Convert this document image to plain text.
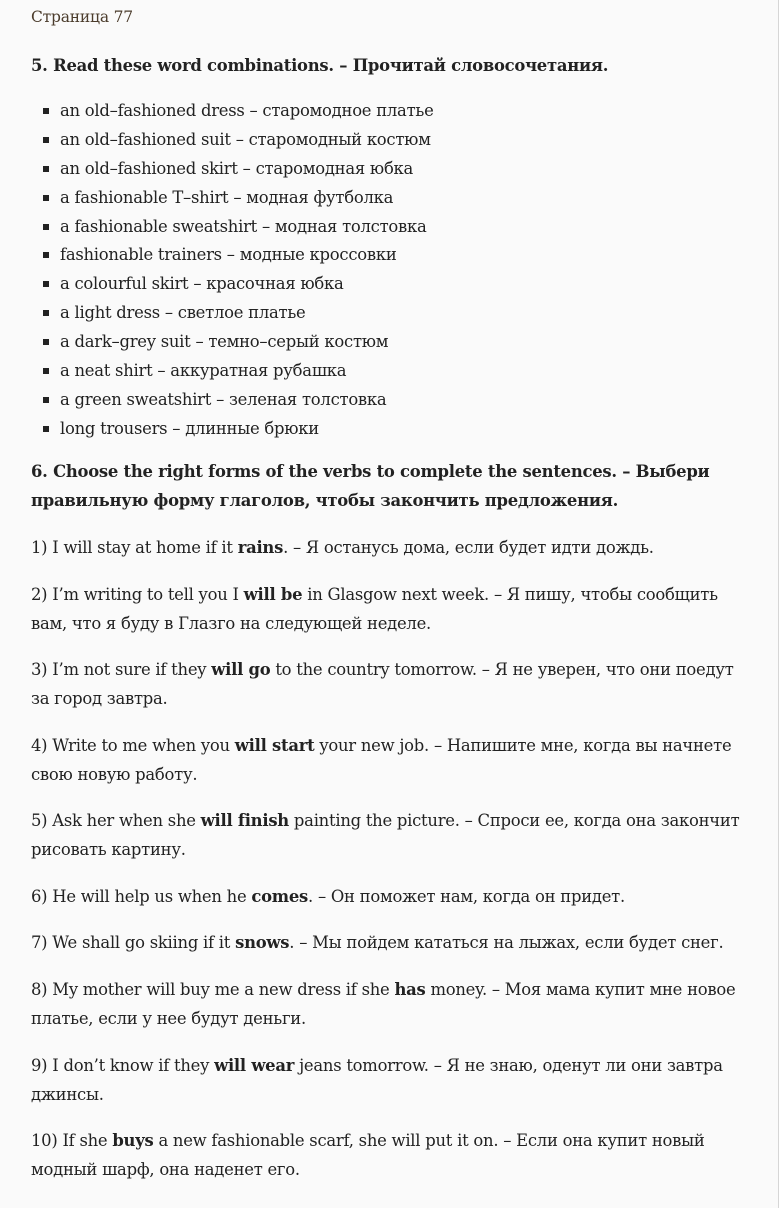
Страница 77
5. Read these word combinations. – Прочитай словосочетания.
an old–fashioned dress – старомодное платье
an old–fashioned suit – старомодный костюм
an old–fashioned skirt – старомодная юбка
a fashionable T–shirt – модная футболка
a fashionable sweatshirt – модная толстовка
fashionable trainers – модные кроссовки
a colourful skirt – красочная юбка
a light dress – светлое платье
a dark–grey suit – темно–серый костюм
a neat shirt – аккуратная рубашка
a green sweatshirt – зеленая толстовка
long trousers – длинные брюки
6. Choose the right forms of the verbs to complete the sentences. – Выбери правильную форму глаголов, чтобы закончить предложения.

1) I will stay at home if it rains. – Я останусь дома, если будет идти дождь.

2) I’m writing to tell you I will be in Glasgow next week. – Я пишу, чтобы сообщить вам, что я буду в Глазго на следующей неделе.

3) I’m not sure if they will go to the country tomorrow. – Я не уверен, что они поедут за город завтра.

4) Write to me when you will start your new job. – Напишите мне, когда вы начнете свою новую работу.

5) Ask her when she will finish painting the picture. – Спроси ее, когда она закончит рисовать картину.

6) He will help us when he comes. – Он поможет нам, когда он придет.

7) We shall go skiing if it snows. – Мы пойдем кататься на лыжах, если будет снег.

8) My mother will buy me a new dress if she has money. – Моя мама купит мне новое платье, если у нее будут деньги.

9) I don’t know if they will wear jeans tomorrow. – Я не знаю, оденут ли они завтра джинсы.

10) If she buys a new fashionable scarf, she will put it on. – Если она купит новый модный шарф, она наденет его.
